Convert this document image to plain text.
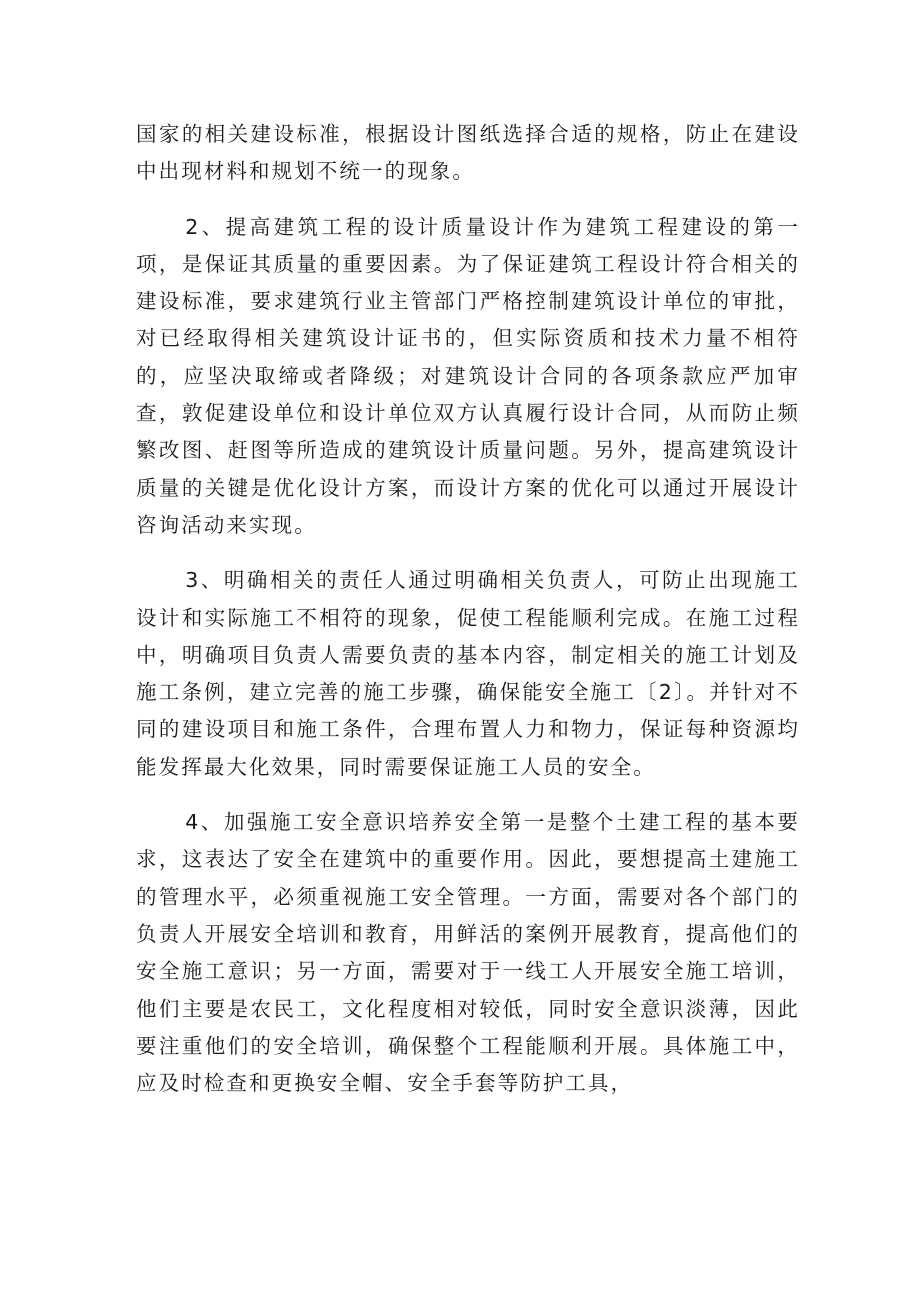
国家的相关建设标准，根据设计图纸选择合适的规格，防止在建设中出现材料和规划不统一的现象。

2、提高建筑工程的设计质量设计作为建筑工程建设的第一项，是保证其质量的重要因素。为了保证建筑工程设计符合相关的建设标准，要求建筑行业主管部门严格控制建筑设计单位的审批，对已经取得相关建筑设计证书的，但实际资质和技术力量不相符的，应坚决取缔或者降级；对建筑设计合同的各项条款应严加审查，敦促建设单位和设计单位双方认真履行设计合同，从而防止频繁改图、赶图等所造成的建筑设计质量问题。另外，提高建筑设计质量的关键是优化设计方案，而设计方案的优化可以通过开展设计咨询活动来实现。

3、明确相关的责任人通过明确相关负责人，可防止出现施工设计和实际施工不相符的现象，促使工程能顺利完成。在施工过程中，明确项目负责人需要负责的基本内容，制定相关的施工计划及施工条例，建立完善的施工步骤，确保能安全施工〔2〕。并针对不同的建设项目和施工条件，合理布置人力和物力，保证每种资源均能发挥最大化效果，同时需要保证施工人员的安全。

4、加强施工安全意识培养安全第一是整个土建工程的基本要求，这表达了安全在建筑中的重要作用。因此，要想提高土建施工的管理水平，必须重视施工安全管理。一方面，需要对各个部门的负责人开展安全培训和教育，用鲜活的案例开展教育，提高他们的安全施工意识；另一方面，需要对于一线工人开展安全施工培训，他们主要是农民工，文化程度相对较低，同时安全意识淡薄，因此要注重他们的安全培训，确保整个工程能顺利开展。具体施工中，应及时检查和更换安全帽、安全手套等防护工具，
